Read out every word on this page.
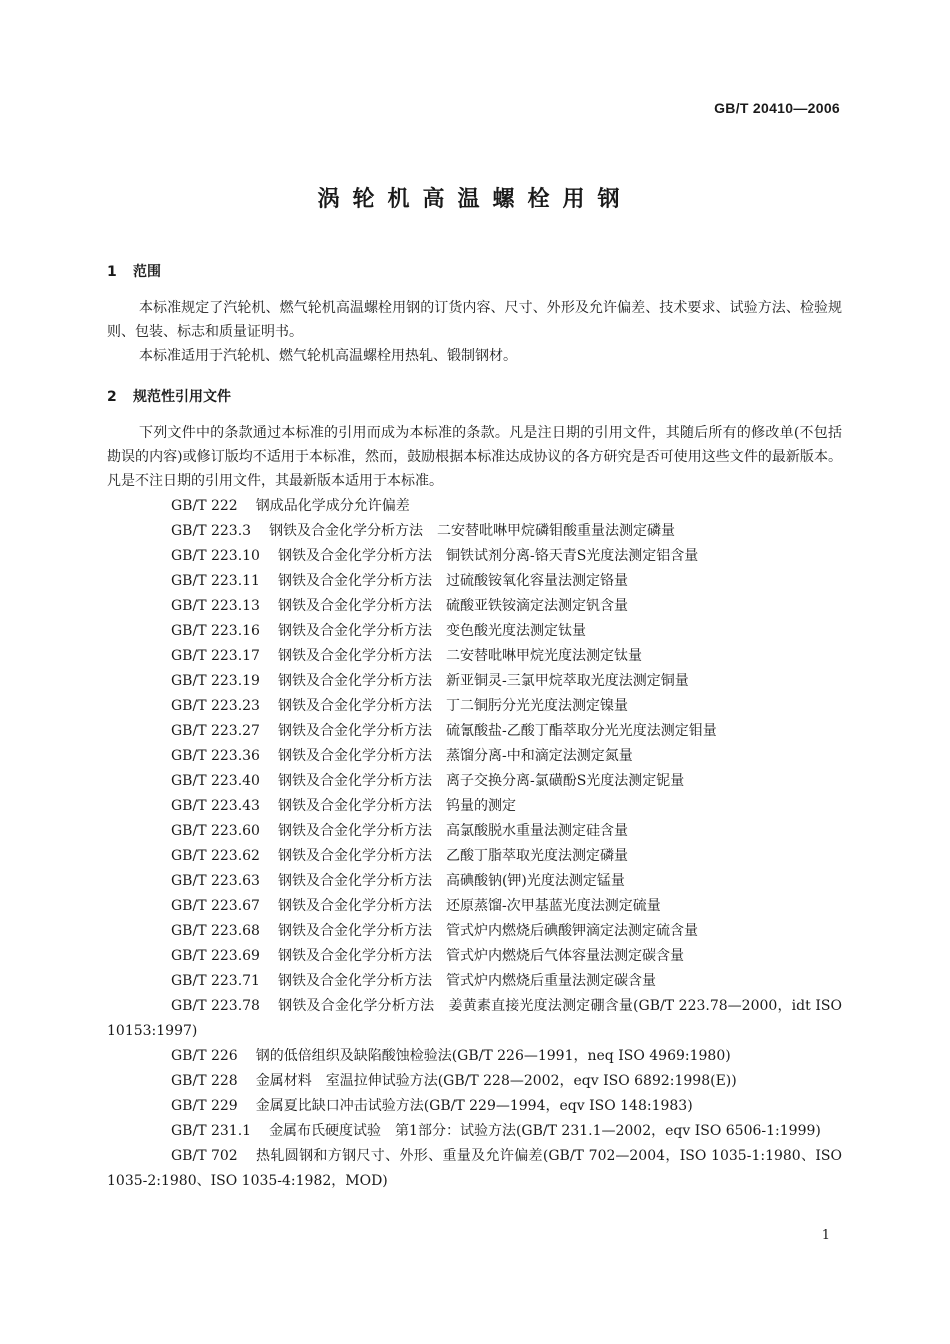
GB/T 20410—2006
涡轮机高温螺栓用钢
1 范围
本标准规定了汽轮机、燃气轮机高温螺栓用钢的订货内容、尺寸、外形及允许偏差、技术要求、试验方法、检验规则、包装、标志和质量证明书。
本标准适用于汽轮机、燃气轮机高温螺栓用热轧、锻制钢材。
2 规范性引用文件
下列文件中的条款通过本标准的引用而成为本标准的条款。凡是注日期的引用文件，其随后所有的修改单(不包括勘误的内容)或修订版均不适用于本标准，然而，鼓励根据本标准达成协议的各方研究是否可使用这些文件的最新版本。凡是不注日期的引用文件，其最新版本适用于本标准。
GB/T 222 钢成品化学成分允许偏差
GB/T 223.3 钢铁及合金化学分析方法　二安替吡啉甲烷磷钼酸重量法测定磷量
GB/T 223.10 钢铁及合金化学分析方法　铜铁试剂分离-铬天青S光度法测定铝含量
GB/T 223.11 钢铁及合金化学分析方法　过硫酸铵氧化容量法测定铬量
GB/T 223.13 钢铁及合金化学分析方法　硫酸亚铁铵滴定法测定钒含量
GB/T 223.16 钢铁及合金化学分析方法　变色酸光度法测定钛量
GB/T 223.17 钢铁及合金化学分析方法　二安替吡啉甲烷光度法测定钛量
GB/T 223.19 钢铁及合金化学分析方法　新亚铜灵-三氯甲烷萃取光度法测定铜量
GB/T 223.23 钢铁及合金化学分析方法　丁二铜肟分光光度法测定镍量
GB/T 223.27 钢铁及合金化学分析方法　硫氰酸盐-乙酸丁酯萃取分光光度法测定钼量
GB/T 223.36 钢铁及合金化学分析方法　蒸馏分离-中和滴定法测定氮量
GB/T 223.40 钢铁及合金化学分析方法　离子交换分离-氯磺酚S光度法测定铌量
GB/T 223.43 钢铁及合金化学分析方法　钨量的测定
GB/T 223.60 钢铁及合金化学分析方法　高氯酸脱水重量法测定硅含量
GB/T 223.62 钢铁及合金化学分析方法　乙酸丁脂萃取光度法测定磷量
GB/T 223.63 钢铁及合金化学分析方法　高碘酸钠(钾)光度法测定锰量
GB/T 223.67 钢铁及合金化学分析方法　还原蒸馏-次甲基蓝光度法测定硫量
GB/T 223.68 钢铁及合金化学分析方法　管式炉内燃烧后碘酸钾滴定法测定硫含量
GB/T 223.69 钢铁及合金化学分析方法　管式炉内燃烧后气体容量法测定碳含量
GB/T 223.71 钢铁及合金化学分析方法　管式炉内燃烧后重量法测定碳含量
GB/T 223.78 钢铁及合金化学分析方法　姜黄素直接光度法测定硼含量(GB/T 223.78—2000，idt ISO 10153:1997)
GB/T 226 钢的低倍组织及缺陷酸蚀检验法(GB/T 226—1991，neq ISO 4969:1980)
GB/T 228 金属材料　室温拉伸试验方法(GB/T 228—2002，eqv ISO 6892:1998(E))
GB/T 229 金属夏比缺口冲击试验方法(GB/T 229—1994，eqv ISO 148:1983)
GB/T 231.1 金属布氏硬度试验　第1部分：试验方法(GB/T 231.1—2002，eqv ISO 6506-1:1999)
GB/T 702 热轧圆钢和方钢尺寸、外形、重量及允许偏差(GB/T 702—2004，ISO 1035-1:1980、ISO 1035-2:1980、ISO 1035-4:1982，MOD)
1
